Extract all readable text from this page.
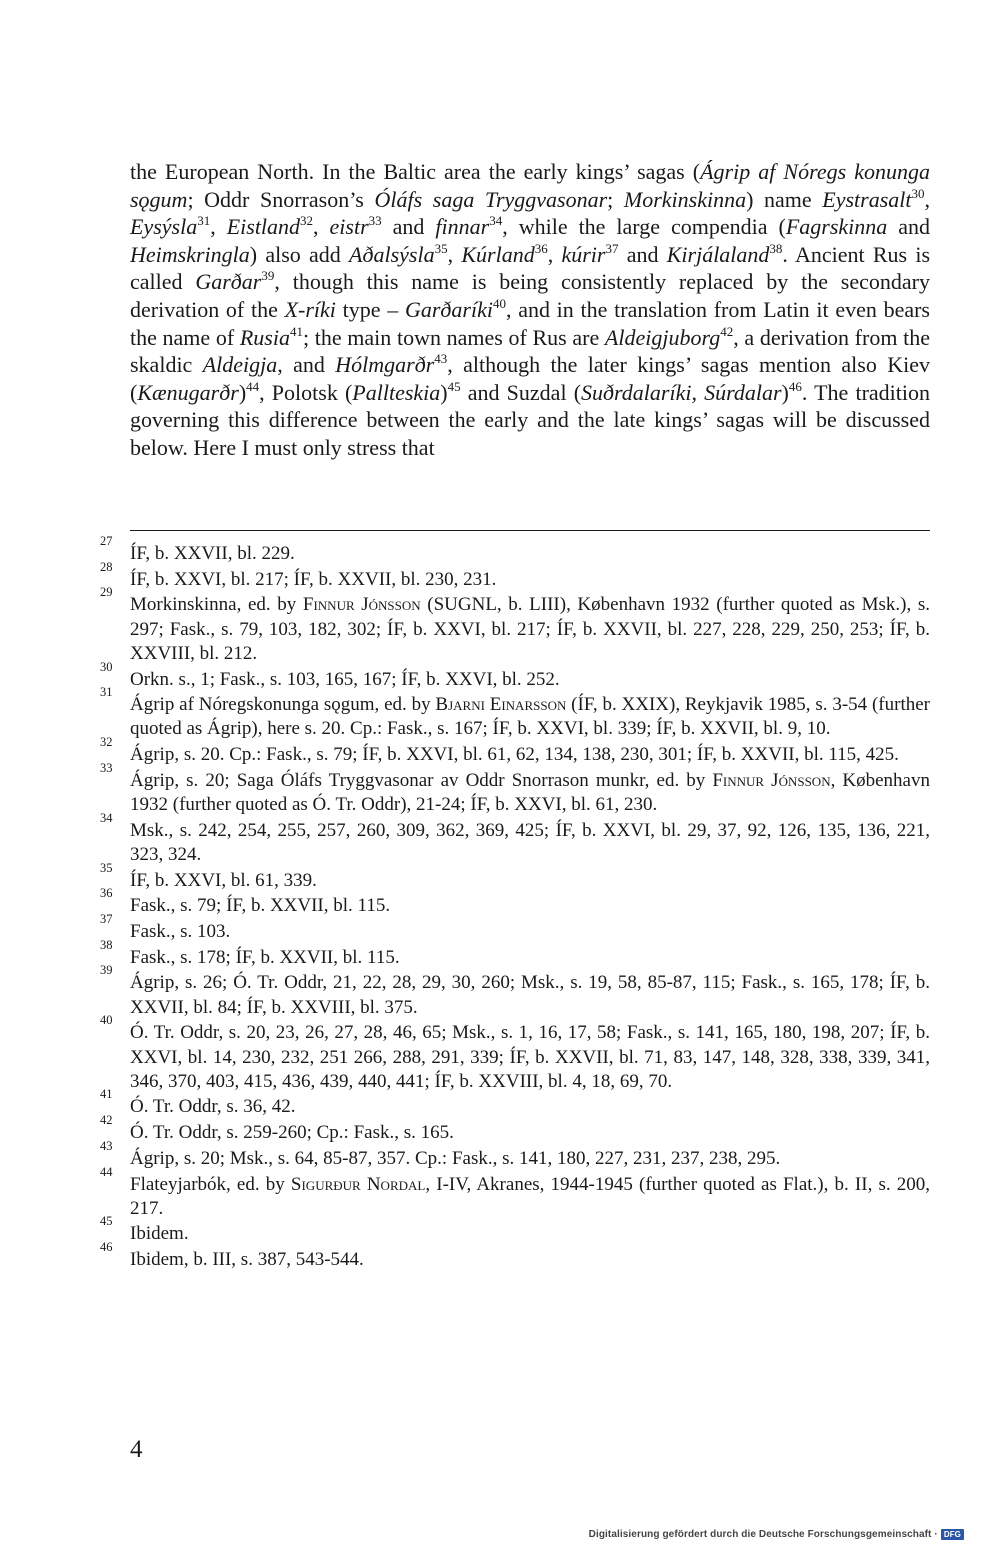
the European North. In the Baltic area the early kings’ sagas (Ágrip af Nóregs konunga sǫgum; Oddr Snorrason’s Óláfs saga Tryggvasonar; Morkinskinna) name Eystrasalt$^{30}$, Eysýsla$^{31}$, Eistland$^{32}$, eistr$^{33}$ and finnar$^{34}$, while the large compendia (Fagrskinna and Heimskringla) also add Aðalsýsla$^{35}$, Kúrland$^{36}$, kúrir$^{37}$ and Kirjálaland$^{38}$. Ancient Rus is called Garðar$^{39}$, though this name is being consistently replaced by the secondary derivation of the X-ríki type – Garðaríki$^{40}$, and in the translation from Latin it even bears the name of Rusia$^{41}$; the main town names of Rus are Aldeigjuborg$^{42}$, a derivation from the skaldic Aldeigja, and Hólmgarðr$^{43}$, although the later kings’ sagas mention also Kiev (Kænugarðr)$^{44}$, Polotsk (Pallteskia)$^{45}$ and Suzdal (Suðrdalaríki, Súrdalar)$^{46}$. The tradition governing this difference between the early and the late kings’ sagas will be discussed below. Here I must only stress that

27
ÍF, b. XXVII, bl. 229.

28
ÍF, b. XXVI, bl. 217; ÍF, b. XXVII, bl. 230, 231.

29
Morkinskinna, ed. by Finnur Jónsson (SUGNL, b. LIII), København 1932 (further quoted as Msk.), s. 297; Fask., s. 79, 103, 182, 302; ÍF, b. XXVI, bl. 217; ÍF, b. XXVII, bl. 227, 228, 229, 250, 253; ÍF, b. XXVIII, bl. 212.

30
Orkn. s., 1; Fask., s. 103, 165, 167; ÍF, b. XXVI, bl. 252.

31
Ágrip af Nóregskonunga sǫgum, ed. by Bjarni Einarsson (ÍF, b. XXIX), Reykjavik 1985, s. 3-54 (further quoted as Ágrip), here s. 20. Cp.: Fask., s. 167; ÍF, b. XXVI, bl. 339; ÍF, b. XXVII, bl. 9, 10.

32
Ágrip, s. 20. Cp.: Fask., s. 79; ÍF, b. XXVI, bl. 61, 62, 134, 138, 230, 301; ÍF, b. XXVII, bl. 115, 425.

33
Ágrip, s. 20; Saga Óláfs Tryggvasonar av Oddr Snorrason munkr, ed. by Finnur Jónsson, København 1932 (further quoted as Ó. Tr. Oddr), 21-24; ÍF, b. XXVI, bl. 61, 230.

34
Msk., s. 242, 254, 255, 257, 260, 309, 362, 369, 425; ÍF, b. XXVI, bl. 29, 37, 92, 126, 135, 136, 221, 323, 324.

35
ÍF, b. XXVI, bl. 61, 339.

36
Fask., s. 79; ÍF, b. XXVII, bl. 115.

37
Fask., s. 103.

38
Fask., s. 178; ÍF, b. XXVII, bl. 115.

39
Ágrip, s. 26; Ó. Tr. Oddr, 21, 22, 28, 29, 30, 260; Msk., s. 19, 58, 85-87, 115; Fask., s. 165, 178; ÍF, b. XXVII, bl. 84; ÍF, b. XXVIII, bl. 375.

40
Ó. Tr. Oddr, s. 20, 23, 26, 27, 28, 46, 65; Msk., s. 1, 16, 17, 58; Fask., s. 141, 165, 180, 198, 207; ÍF, b. XXVI, bl. 14, 230, 232, 251 266, 288, 291, 339; ÍF, b. XXVII, bl. 71, 83, 147, 148, 328, 338, 339, 341, 346, 370, 403, 415, 436, 439, 440, 441; ÍF, b. XXVIII, bl. 4, 18, 69, 70.

41
Ó. Tr. Oddr, s. 36, 42.

42
Ó. Tr. Oddr, s. 259-260; Cp.: Fask., s. 165.

43
Ágrip, s. 20; Msk., s. 64, 85-87, 357. Cp.: Fask., s. 141, 180, 227, 231, 237, 238, 295.

44
Flateyjarbók, ed. by Sigurður Nordal, I-IV, Akranes, 1944-1945 (further quoted as Flat.), b. II, s. 200, 217.

45
Ibidem.

46
Ibidem, b. III, s. 387, 543-544.

4
Digitalisierung gefördert durch die Deutsche Forschungsgemeinschaft · DFG
